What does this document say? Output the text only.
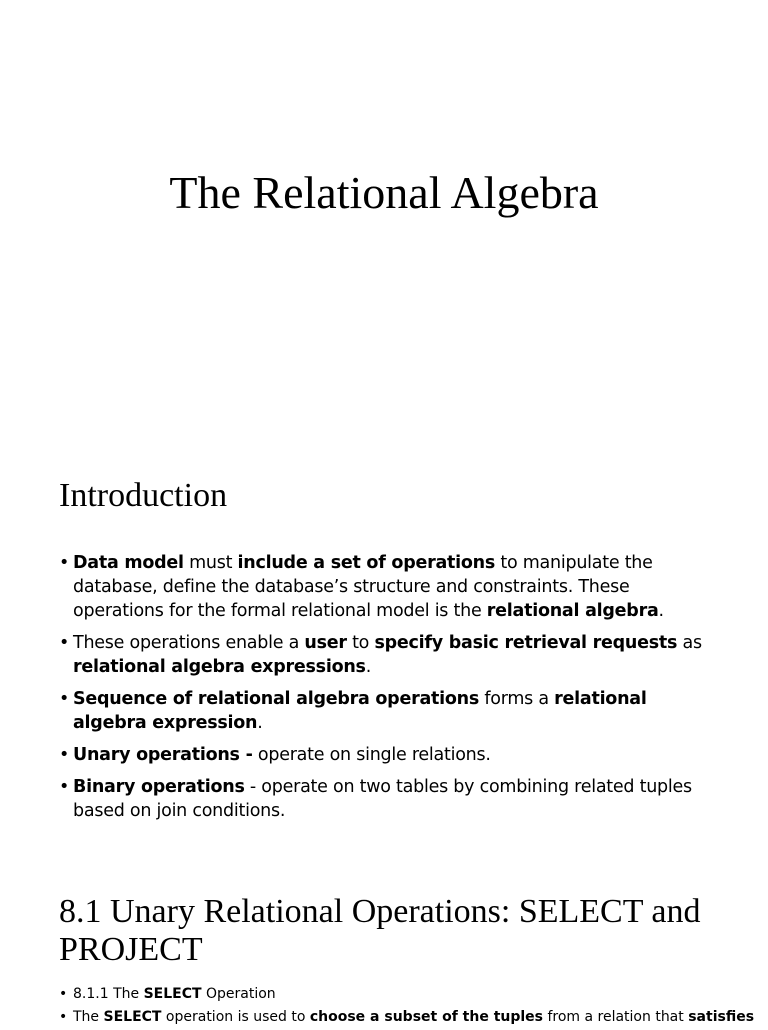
The Relational Algebra
Introduction
• Data model must include a set of operations to manipulate the database, define the database’s structure and constraints. These operations for the formal relational model is the relational algebra.
• These operations enable a user to specify basic retrieval requests as relational algebra expressions.
• Sequence of relational algebra operations forms a relational algebra expression.
• Unary operations - operate on single relations.
• Binary operations - operate on two tables by combining related tuples based on join conditions.
8.1 Unary Relational Operations: SELECT and PROJECT
• 8.1.1 The SELECT Operation
• The SELECT operation is used to choose a subset of the tuples from a relation that satisfies
